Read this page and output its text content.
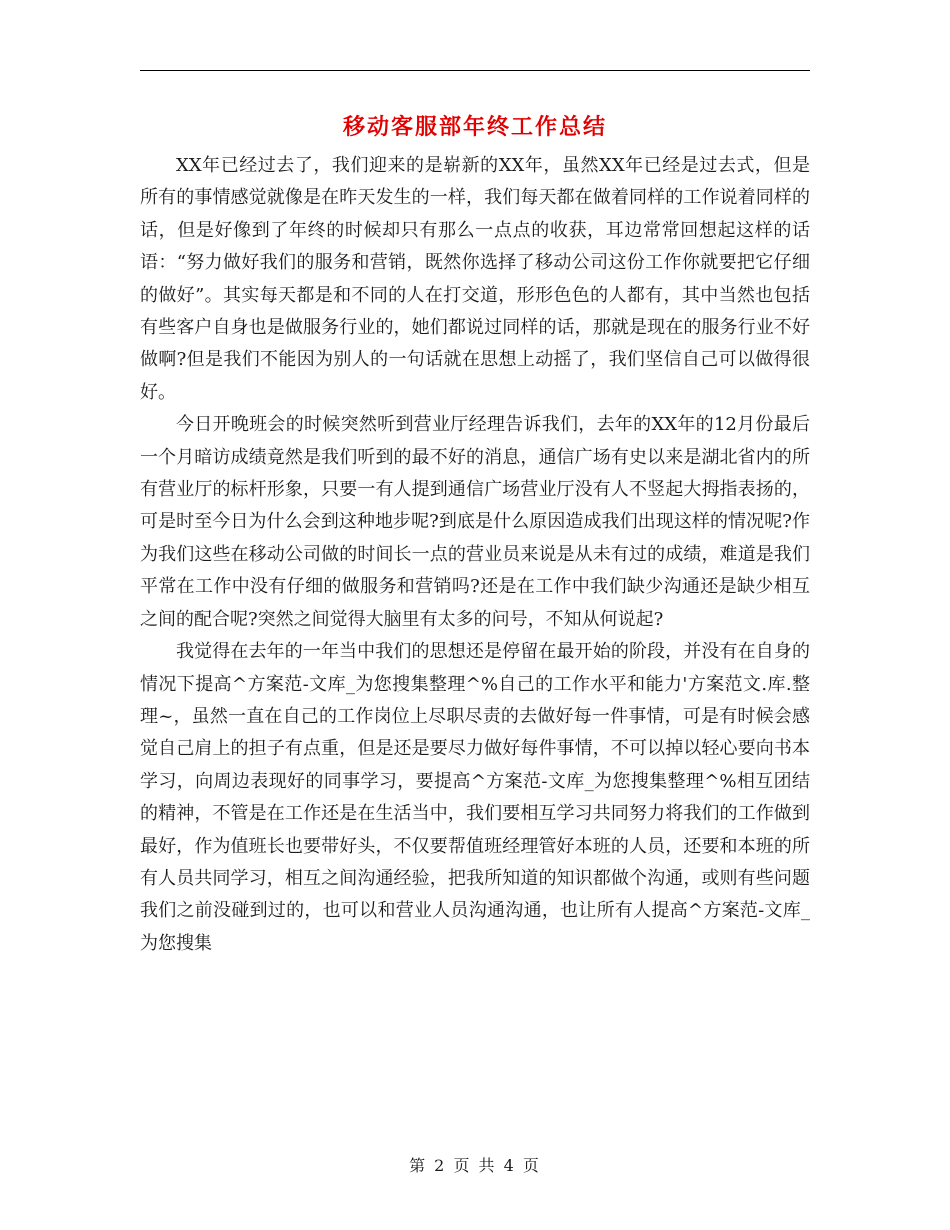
移动客服部年终工作总结

XX年已经过去了，我们迎来的是崭新的XX年，虽然XX年已经是过去式，但是所有的事情感觉就像是在昨天发生的一样，我们每天都在做着同样的工作说着同样的话，但是好像到了年终的时候却只有那么一点点的收获，耳边常常回想起这样的话语：“努力做好我们的服务和营销，既然你选择了移动公司这份工作你就要把它仔细的做好”。其实每天都是和不同的人在打交道，形形色色的人都有，其中当然也包括有些客户自身也是做服务行业的，她们都说过同样的话，那就是现在的服务行业不好做啊?但是我们不能因为别人的一句话就在思想上动摇了，我们坚信自己可以做得很好。

今日开晚班会的时候突然听到营业厅经理告诉我们，去年的XX年的12月份最后一个月暗访成绩竟然是我们听到的最不好的消息，通信广场有史以来是湖北省内的所有营业厅的标杆形象，只要一有人提到通信广场营业厅没有人不竖起大拇指表扬的，可是时至今日为什么会到这种地步呢?到底是什么原因造成我们出现这样的情况呢?作为我们这些在移动公司做的时间长一点的营业员来说是从未有过的成绩，难道是我们平常在工作中没有仔细的做服务和营销吗?还是在工作中我们缺少沟通还是缺少相互之间的配合呢?突然之间觉得大脑里有太多的问号，不知从何说起?

我觉得在去年的一年当中我们的思想还是停留在最开始的阶段，并没有在自身的情况下提高^方案范-文库_为您搜集整理^%自己的工作水平和能力'方案范文.库.整理~，虽然一直在自己的工作岗位上尽职尽责的去做好每一件事情，可是有时候会感觉自己肩上的担子有点重，但是还是要尽力做好每件事情，不可以掉以轻心要向书本学习，向周边表现好的同事学习，要提高^方案范-文库_为您搜集整理^%相互团结的精神，不管是在工作还是在生活当中，我们要相互学习共同努力将我们的工作做到最好，作为值班长也要带好头，不仅要帮值班经理管好本班的人员，还要和本班的所有人员共同学习，相互之间沟通经验，把我所知道的知识都做个沟通，或则有些问题我们之前没碰到过的，也可以和营业人员沟通沟通，也让所有人提高^方案范-文库_为您搜集

第 2 页 共 4 页
